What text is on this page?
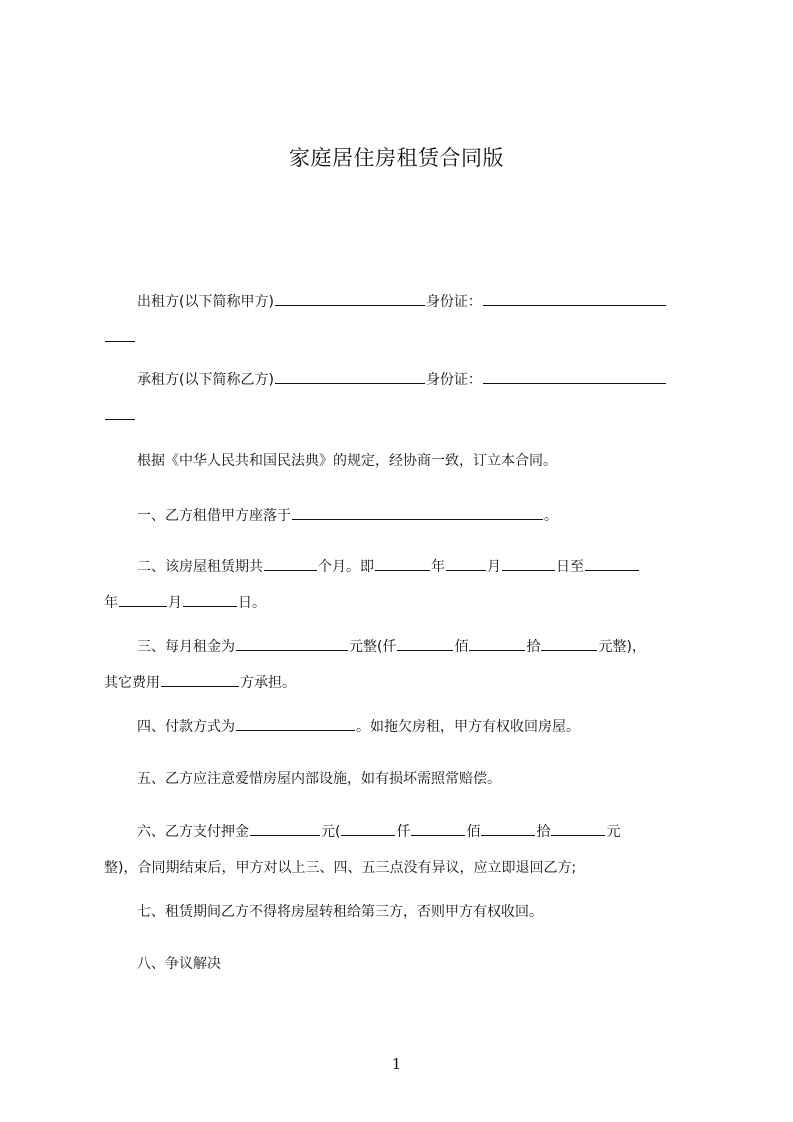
家庭居住房租赁合同版
出租方(以下简称甲方)	身份证：
承租方(以下简称乙方)	身份证：
根据《中华人民共和国民法典》的规定，经协商一致，订立本合同。
一、乙方租借甲方座落于	。
二、该房屋租赁期共	个月。即	年	月	日至
年	月	日。
三、每月租金为	元整(仟	佰	拾	元整)，
其它费用	方承担。
四、付款方式为	。如拖欠房租，甲方有权收回房屋。
五、乙方应注意爱惜房屋内部设施，如有损坏需照常赔偿。
六、乙方支付押金	元(	仟	佰	拾	元
整)，合同期结束后，甲方对以上三、四、五三点没有异议，应立即退回乙方;
七、租赁期间乙方不得将房屋转租给第三方，否则甲方有权收回。
八、争议解决
1
